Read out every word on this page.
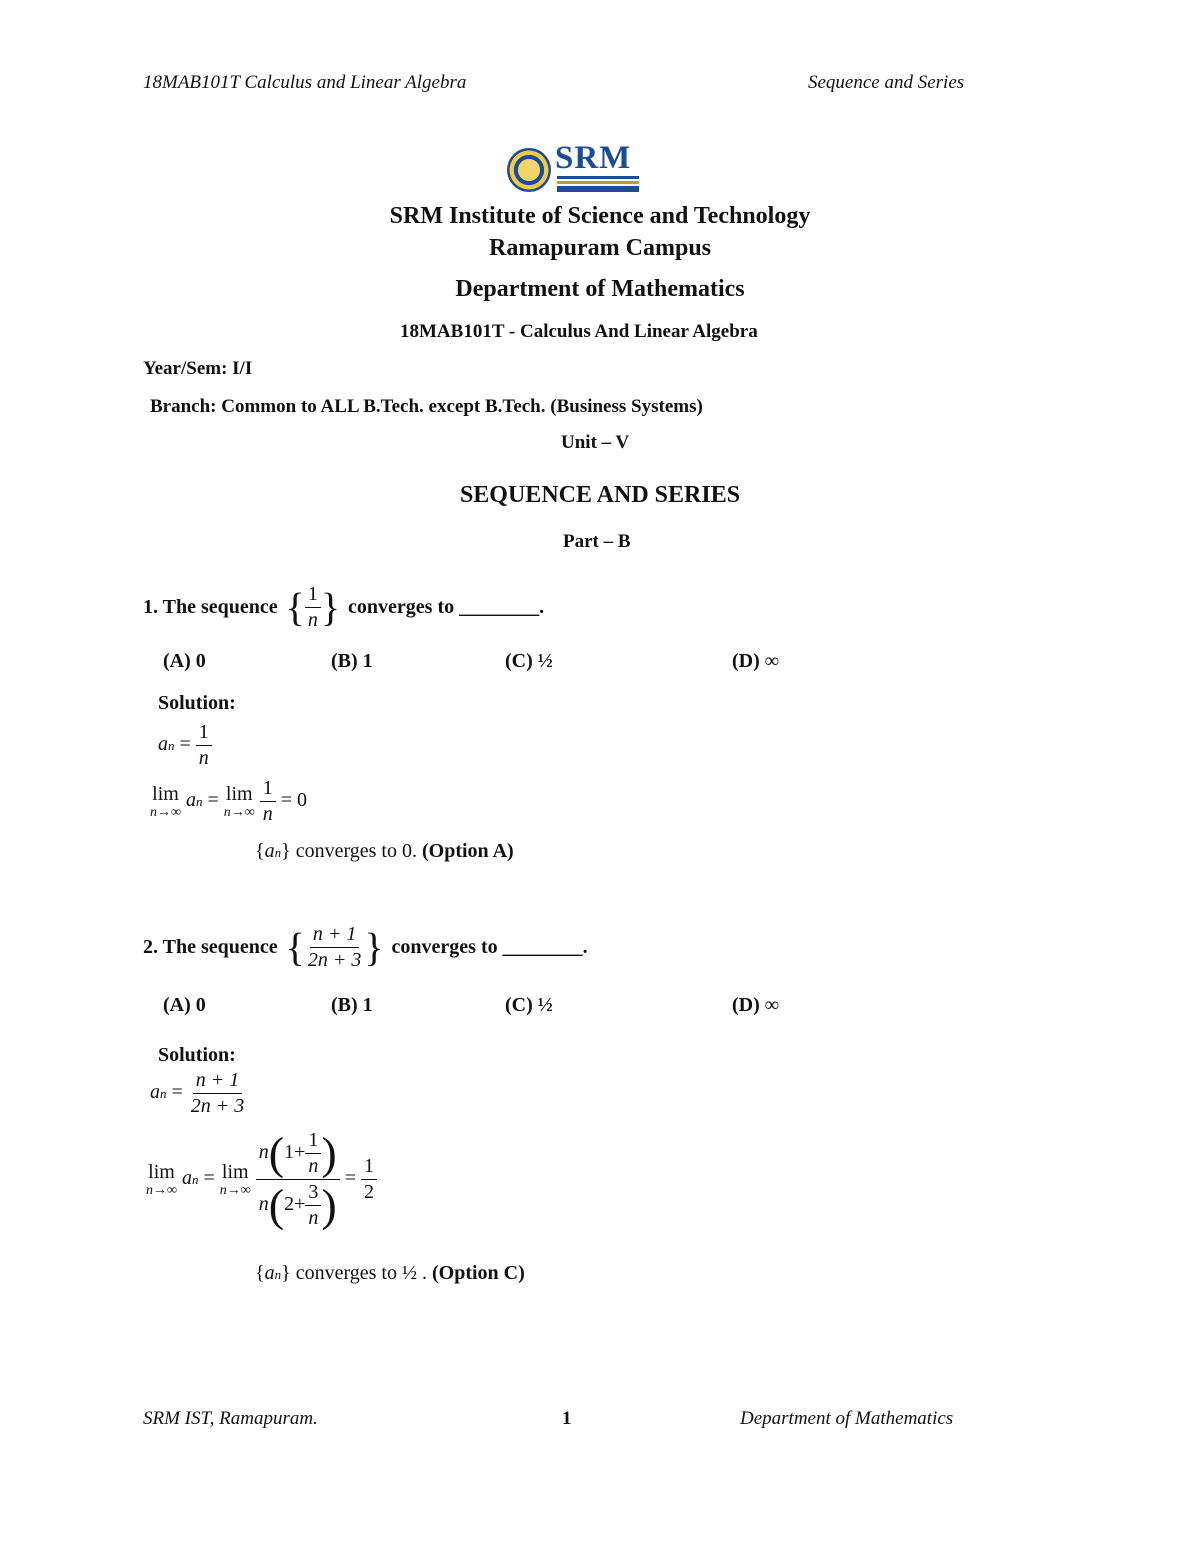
18MAB101T Calculus and Linear Algebra	Sequence and Series
SRM
SRM Institute of Science and Technology
Ramapuram Campus
Department of Mathematics
18MAB101T - Calculus And Linear Algebra
Year/Sem: I/I
Branch: Common to ALL B.Tech. except B.Tech. (Business Systems)
Unit – V
SEQUENCE AND SERIES
Part – B
1. The sequence { $\frac{1}{n}$ } converges to ________.
(A) 0	(B) 1	(C) ½	(D) ∞
Solution:
an = $\frac{1}{n}$
lim
n→∞
an = lim
n→∞
$\frac{1}{n} = 0$
{an} converges to 0. (Option A)
2. The sequence { $\frac{n + 1}{2n + 3}$ } converges to ________.
(A) 0	(B) 1	(C) ½	(D) ∞
Solution:
an = $\frac{n + 1}{2n + 3}$
lim
n→∞
an = lim
n→∞
$\frac{n(1+ \frac{1}{n} )}{n(2+ \frac{3}{n} )} = \frac{1}{2}$
{an} converges to ½ . (Option C)
SRM IST, Ramapuram.	1	Department of Mathematics
